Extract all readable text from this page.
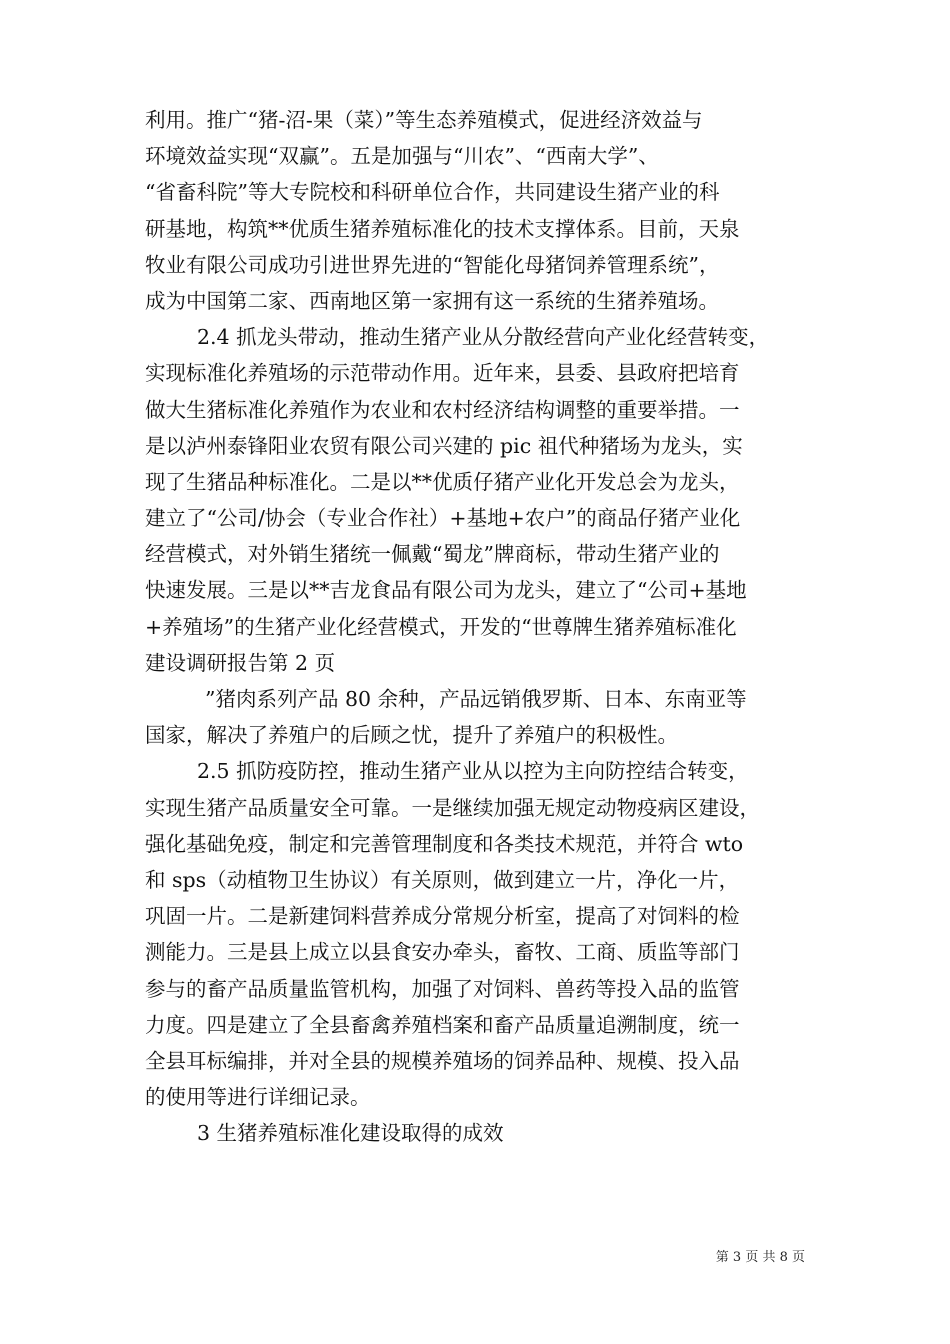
利用。推广“猪-沼-果（菜）”等生态养殖模式，促进经济效益与
环境效益实现“双赢”。五是加强与“川农”、“西南大学”、
“省畜科院”等大专院校和科研单位合作，共同建设生猪产业的科
研基地，构筑**优质生猪养殖标准化的技术支撑体系。目前，天泉
牧业有限公司成功引进世界先进的“智能化母猪饲养管理系统”，
成为中国第二家、西南地区第一家拥有这一系统的生猪养殖场。
2.4 抓龙头带动，推动生猪产业从分散经营向产业化经营转变，
实现标准化养殖场的示范带动作用。近年来，县委、县政府把培育
做大生猪标准化养殖作为农业和农村经济结构调整的重要举措。一
是以泸州泰锋阳业农贸有限公司兴建的 pic 祖代种猪场为龙头，实
现了生猪品种标准化。二是以**优质仔猪产业化开发总会为龙头，
建立了“公司/协会（专业合作社）+基地+农户”的商品仔猪产业化
经营模式，对外销生猪统一佩戴“蜀龙”牌商标，带动生猪产业的
快速发展。三是以**吉龙食品有限公司为龙头，建立了“公司+基地
+养殖场”的生猪产业化经营模式，开发的“世尊牌生猪养殖标准化
建设调研报告第 2 页
”猪肉系列产品 80 余种，产品远销俄罗斯、日本、东南亚等
国家，解决了养殖户的后顾之忧，提升了养殖户的积极性。
2.5 抓防疫防控，推动生猪产业从以控为主向防控结合转变，
实现生猪产品质量安全可靠。一是继续加强无规定动物疫病区建设，
强化基础免疫，制定和完善管理制度和各类技术规范，并符合 wto
和 sps（动植物卫生协议）有关原则，做到建立一片，净化一片，
巩固一片。二是新建饲料营养成分常规分析室，提高了对饲料的检
测能力。三是县上成立以县食安办牵头，畜牧、工商、质监等部门
参与的畜产品质量监管机构，加强了对饲料、兽药等投入品的监管
力度。四是建立了全县畜禽养殖档案和畜产品质量追溯制度，统一
全县耳标编排，并对全县的规模养殖场的饲养品种、规模、投入品
的使用等进行详细记录。
3 生猪养殖标准化建设取得的成效
第 3 页 共 8 页
